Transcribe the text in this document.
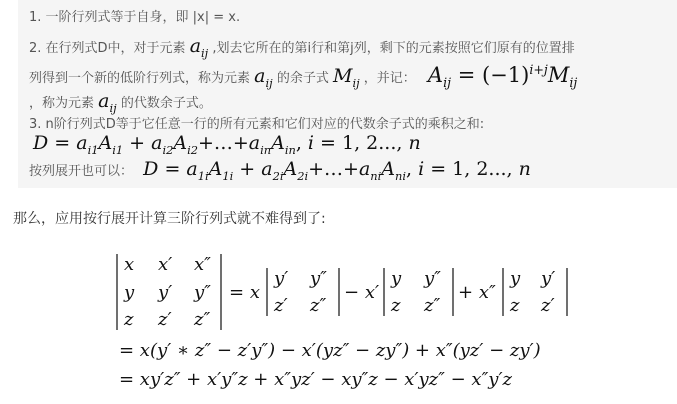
1. 一阶行列式等于自身，即 |x| = x.
2. 在行列式D中，对于元素 $a_{ij}$ ,划去它所在的第i行和第j列，剩下的元素按照它们原有的位置排
列得到一个新的低阶行列式，称为元素 $a_{ij}$ 的余子式 $M_{ij}$ ，并记： $A_{ij} = (-1)^{i+j}M_{ij}$
，称为元素 $a_{ij}$ 的代数余子式。
3. n阶行列式D等于它任意一行的所有元素和它们对应的代数余子式的乘积之和:
$D = a_{i1}A_{i1}$ + $a_{i2}A_{i2}+\dots+a_{in}A_{in}$, i = 1, 2..., n
按列展开也可以： $D = a_{1i}A_{1i}$ + $a_{2i}A_{2i}+\dots+a_{ni}A_{ni}$, i = 1, 2..., n
那么，应用按行展开计算三阶行列式就不难得到了:
x x′ x″
y y′ y″
z z′ z″
= x
y′ y″
z′ z″
− x′
y y″
z z″
+ x″
y y′
z z′
= x(y′ ∗ z″ − z′y″) − x′(yz″ − zy″) + x″(yz′ − zy′)
= xy′z″ + x′y″z + x″yz′ − xy″z − x′yz″ − x″y′z
